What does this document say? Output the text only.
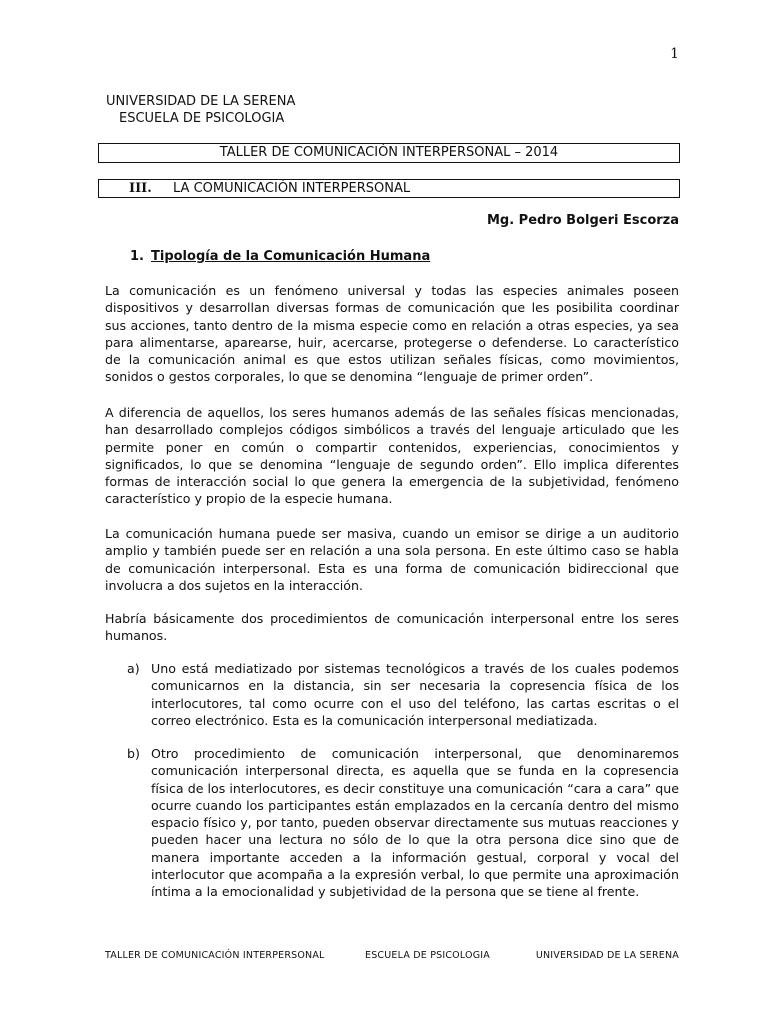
1
UNIVERSIDAD DE LA SERENA
ESCUELA DE PSICOLOGIA
TALLER DE COMUNICACIÓN INTERPERSONAL – 2014
III. LA COMUNICACIÓN INTERPERSONAL
Mg. Pedro Bolgeri Escorza
1. Tipología de la Comunicación Humana

La comunicación es un fenómeno universal y todas las especies animales poseen dispositivos y desarrollan diversas formas de comunicación que les posibilita coordinar sus acciones, tanto dentro de la misma especie como en relación a otras especies, ya sea para alimentarse, aparearse, huir, acercarse, protegerse o defenderse. Lo característico de la comunicación animal es que estos utilizan señales físicas, como movimientos, sonidos o gestos corporales, lo que se denomina “lenguaje de primer orden”.

A diferencia de aquellos, los seres humanos además de las señales físicas mencionadas, han desarrollado complejos códigos simbólicos a través del lenguaje articulado que les permite poner en común o compartir contenidos, experiencias, conocimientos y significados, lo que se denomina “lenguaje de segundo orden”. Ello implica diferentes formas de interacción social lo que genera la emergencia de la subjetividad, fenómeno característico y propio de la especie humana.

La comunicación humana puede ser masiva, cuando un emisor se dirige a un auditorio amplio y también puede ser en relación a una sola persona. En este último caso se habla de comunicación interpersonal. Esta es una forma de comunicación bidireccional que involucra a dos sujetos en la interacción.

Habría básicamente dos procedimientos de comunicación interpersonal entre los seres humanos.

a) Uno está mediatizado por sistemas tecnológicos a través de los cuales podemos comunicarnos en la distancia, sin ser necesaria la copresencia física de los interlocutores, tal como ocurre con el uso del teléfono, las cartas escritas o el correo electrónico. Esta es la comunicación interpersonal mediatizada.
b) Otro procedimiento de comunicación interpersonal, que denominaremos comunicación interpersonal directa, es aquella que se funda en la copresencia física de los interlocutores, es decir constituye una comunicación “cara a cara” que ocurre cuando los participantes están emplazados en la cercanía dentro del mismo espacio físico y, por tanto, pueden observar directamente sus mutuas reacciones y pueden hacer una lectura no sólo de lo que la otra persona dice sino que de manera importante acceden a la información gestual, corporal y vocal del interlocutor que acompaña a la expresión verbal, lo que permite una aproximación íntima a la emocionalidad y subjetividad de la persona que se tiene al frente.
TALLER DE COMUNICACIÓN INTERPERSONAL	ESCUELA DE PSICOLOGIA	UNIVERSIDAD DE LA SERENA
